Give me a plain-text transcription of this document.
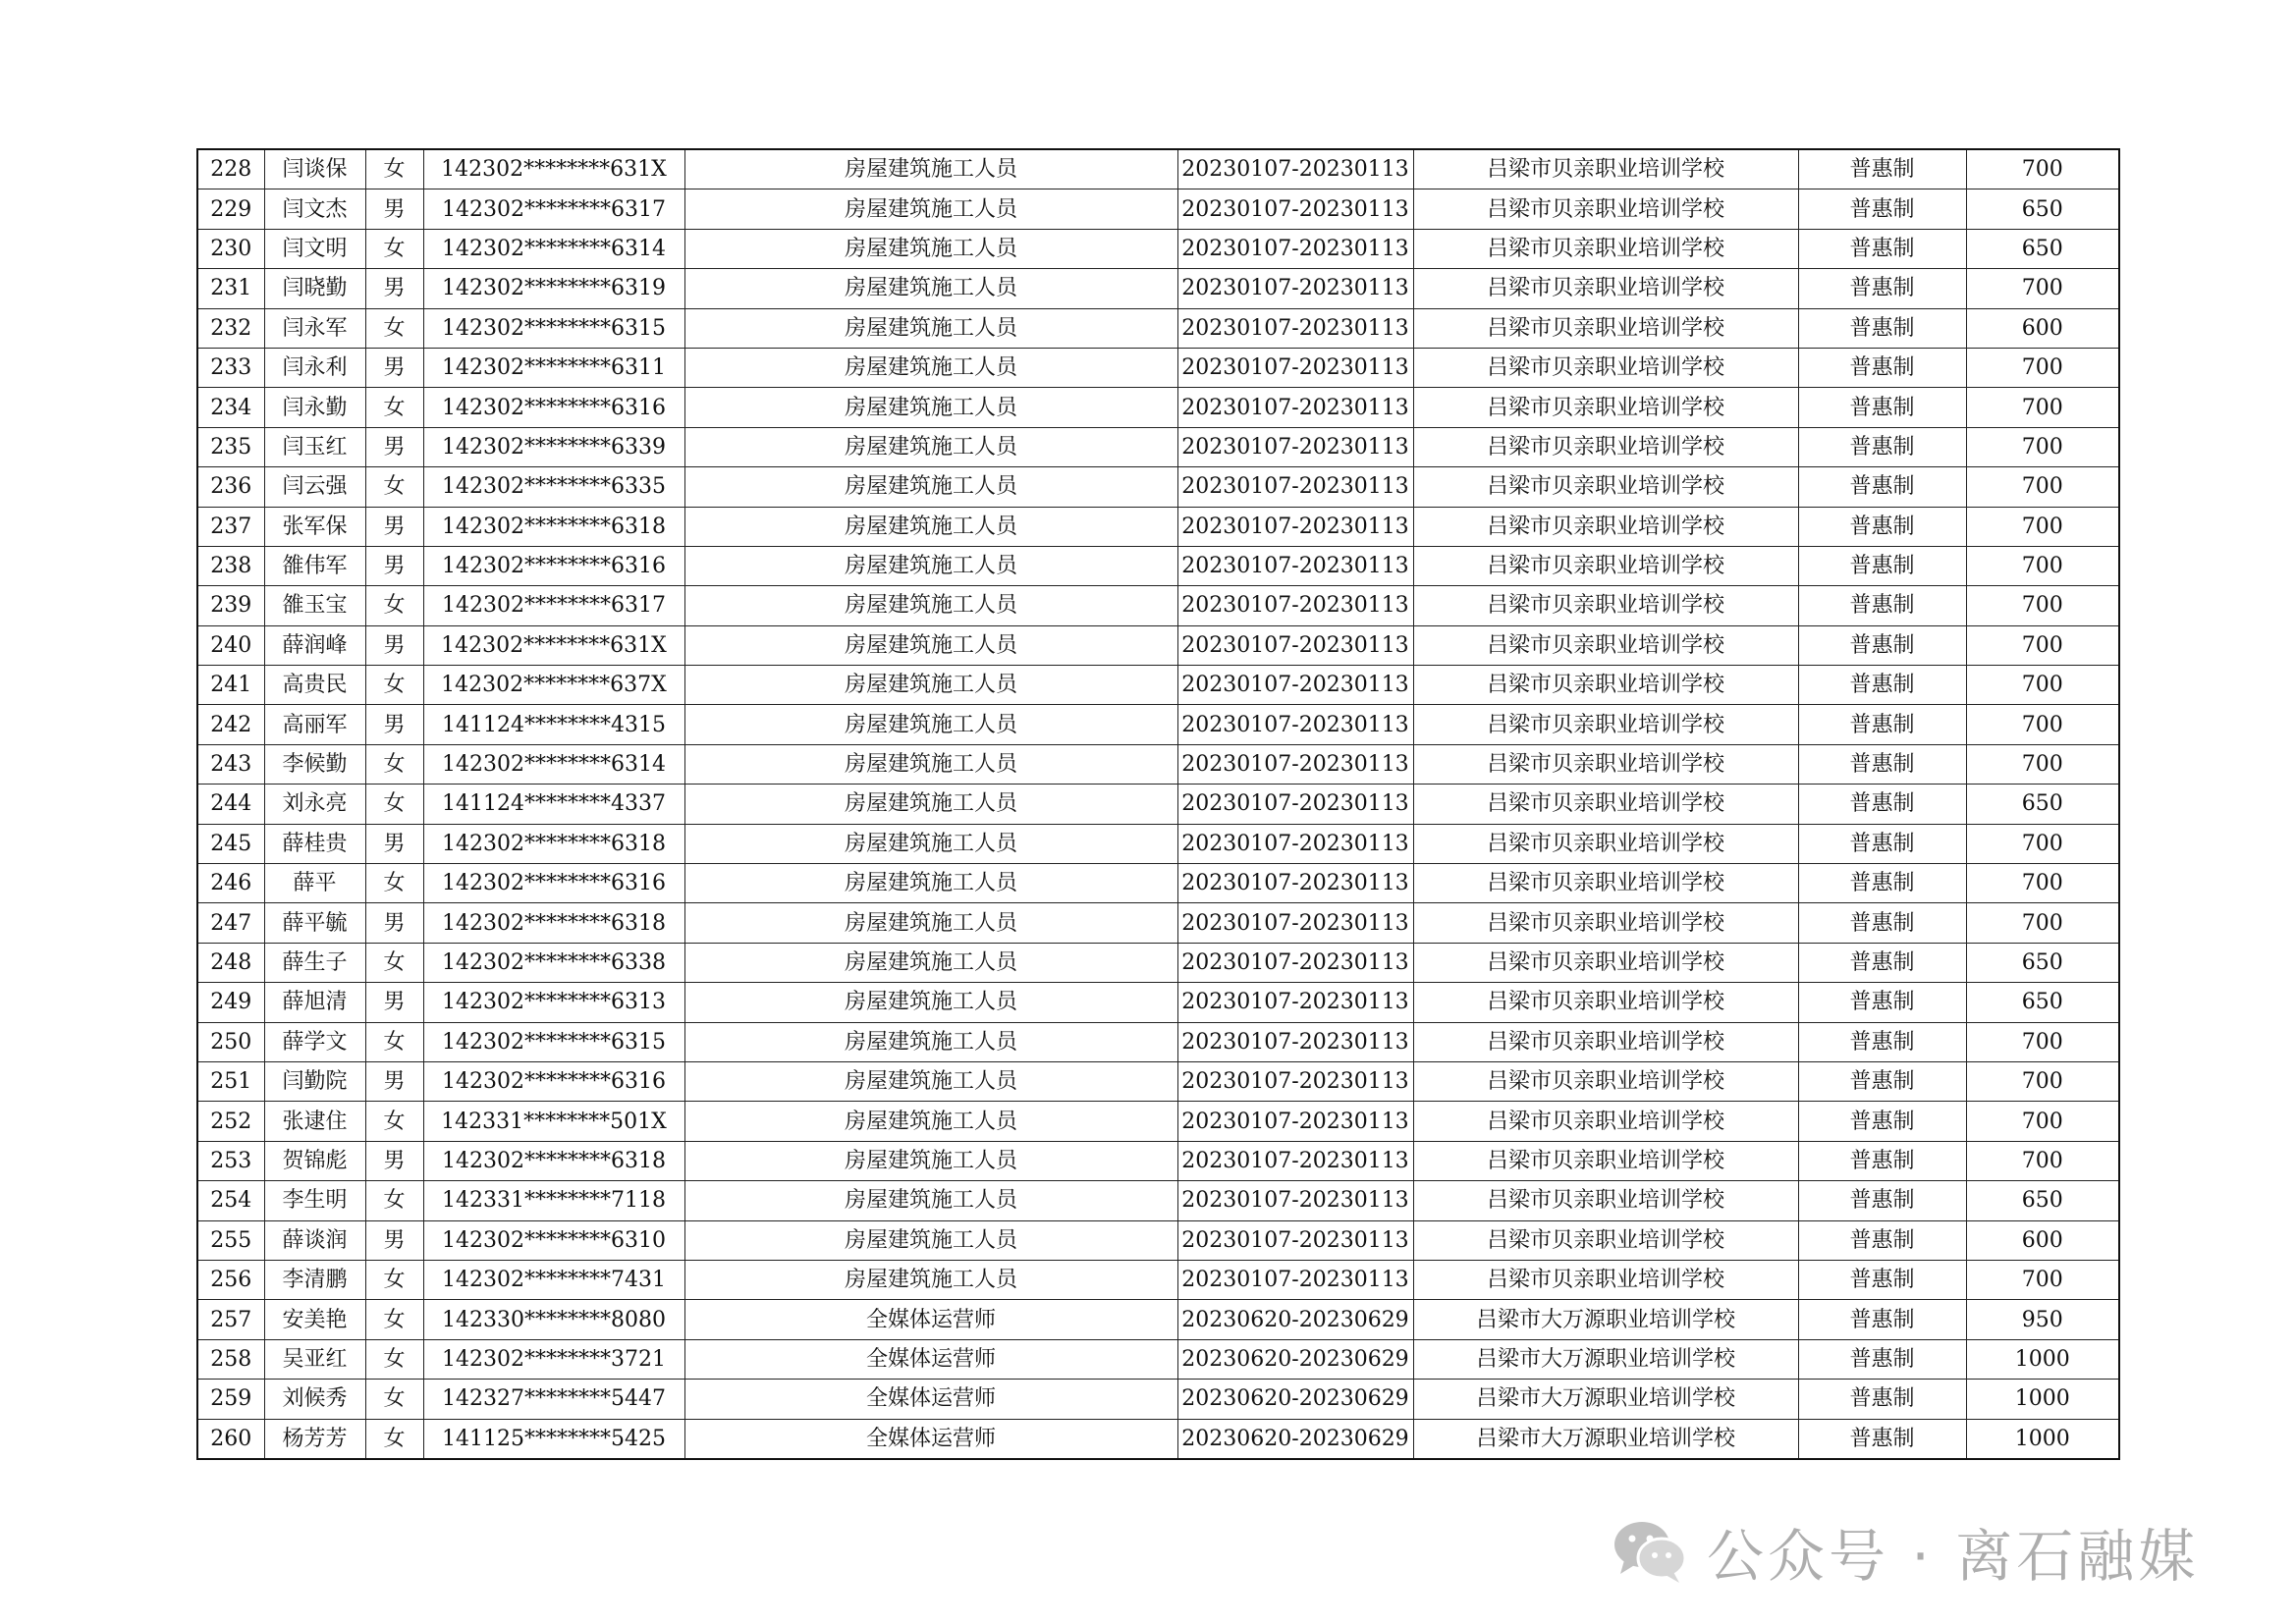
228	闫谈保	女	142302********631X	房屋建筑施工人员	20230107-20230113	吕梁市贝亲职业培训学校	普惠制	700
229	闫文杰	男	142302********6317	房屋建筑施工人员	20230107-20230113	吕梁市贝亲职业培训学校	普惠制	650
230	闫文明	女	142302********6314	房屋建筑施工人员	20230107-20230113	吕梁市贝亲职业培训学校	普惠制	650
231	闫晓勤	男	142302********6319	房屋建筑施工人员	20230107-20230113	吕梁市贝亲职业培训学校	普惠制	700
232	闫永军	女	142302********6315	房屋建筑施工人员	20230107-20230113	吕梁市贝亲职业培训学校	普惠制	600
233	闫永利	男	142302********6311	房屋建筑施工人员	20230107-20230113	吕梁市贝亲职业培训学校	普惠制	700
234	闫永勤	女	142302********6316	房屋建筑施工人员	20230107-20230113	吕梁市贝亲职业培训学校	普惠制	700
235	闫玉红	男	142302********6339	房屋建筑施工人员	20230107-20230113	吕梁市贝亲职业培训学校	普惠制	700
236	闫云强	女	142302********6335	房屋建筑施工人员	20230107-20230113	吕梁市贝亲职业培训学校	普惠制	700
237	张军保	男	142302********6318	房屋建筑施工人员	20230107-20230113	吕梁市贝亲职业培训学校	普惠制	700
238	雒伟军	男	142302********6316	房屋建筑施工人员	20230107-20230113	吕梁市贝亲职业培训学校	普惠制	700
239	雒玉宝	女	142302********6317	房屋建筑施工人员	20230107-20230113	吕梁市贝亲职业培训学校	普惠制	700
240	薛润峰	男	142302********631X	房屋建筑施工人员	20230107-20230113	吕梁市贝亲职业培训学校	普惠制	700
241	高贵民	女	142302********637X	房屋建筑施工人员	20230107-20230113	吕梁市贝亲职业培训学校	普惠制	700
242	高丽军	男	141124********4315	房屋建筑施工人员	20230107-20230113	吕梁市贝亲职业培训学校	普惠制	700
243	李候勤	女	142302********6314	房屋建筑施工人员	20230107-20230113	吕梁市贝亲职业培训学校	普惠制	700
244	刘永亮	女	141124********4337	房屋建筑施工人员	20230107-20230113	吕梁市贝亲职业培训学校	普惠制	650
245	薛桂贵	男	142302********6318	房屋建筑施工人员	20230107-20230113	吕梁市贝亲职业培训学校	普惠制	700
246	薛平	女	142302********6316	房屋建筑施工人员	20230107-20230113	吕梁市贝亲职业培训学校	普惠制	700
247	薛平毓	男	142302********6318	房屋建筑施工人员	20230107-20230113	吕梁市贝亲职业培训学校	普惠制	700
248	薛生子	女	142302********6338	房屋建筑施工人员	20230107-20230113	吕梁市贝亲职业培训学校	普惠制	650
249	薛旭清	男	142302********6313	房屋建筑施工人员	20230107-20230113	吕梁市贝亲职业培训学校	普惠制	650
250	薛学文	女	142302********6315	房屋建筑施工人员	20230107-20230113	吕梁市贝亲职业培训学校	普惠制	700
251	闫勤院	男	142302********6316	房屋建筑施工人员	20230107-20230113	吕梁市贝亲职业培训学校	普惠制	700
252	张逮住	女	142331********501X	房屋建筑施工人员	20230107-20230113	吕梁市贝亲职业培训学校	普惠制	700
253	贺锦彪	男	142302********6318	房屋建筑施工人员	20230107-20230113	吕梁市贝亲职业培训学校	普惠制	700
254	李生明	女	142331********7118	房屋建筑施工人员	20230107-20230113	吕梁市贝亲职业培训学校	普惠制	650
255	薛谈润	男	142302********6310	房屋建筑施工人员	20230107-20230113	吕梁市贝亲职业培训学校	普惠制	600
256	李清鹏	女	142302********7431	房屋建筑施工人员	20230107-20230113	吕梁市贝亲职业培训学校	普惠制	700
257	安美艳	女	142330********8080	全媒体运营师	20230620-20230629	吕梁市大万源职业培训学校	普惠制	950
258	吴亚红	女	142302********3721	全媒体运营师	20230620-20230629	吕梁市大万源职业培训学校	普惠制	1000
259	刘候秀	女	142327********5447	全媒体运营师	20230620-20230629	吕梁市大万源职业培训学校	普惠制	1000
260	杨芳芳	女	141125********5425	全媒体运营师	20230620-20230629	吕梁市大万源职业培训学校	普惠制	1000
公众号 · 离石融媒
